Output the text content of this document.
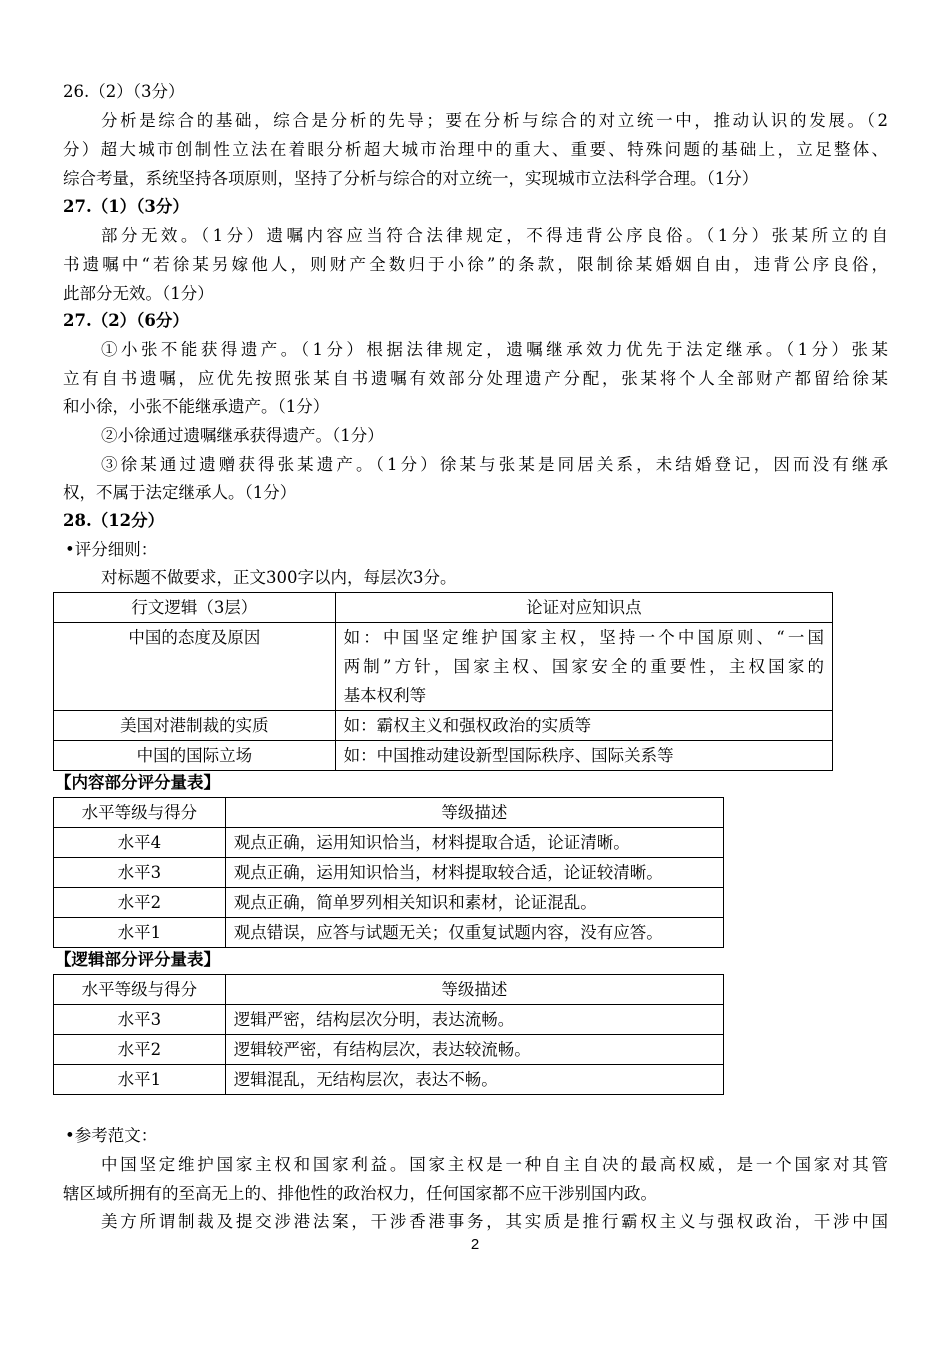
26.（2）（3分）
分析是综合的基础，综合是分析的先导；要在分析与综合的对立统一中，推动认识的发展。（2
分）超大城市创制性立法在着眼分析超大城市治理中的重大、重要、特殊问题的基础上，立足整体、
综合考量，系统坚持各项原则，坚持了分析与综合的对立统一，实现城市立法科学合理。（1分）
27.（1）（3分）
部分无效。（1分）遗嘱内容应当符合法律规定，不得违背公序良俗。（1分）张某所立的自
书遗嘱中“若徐某另嫁他人，则财产全数归于小徐”的条款，限制徐某婚姻自由，违背公序良俗，
此部分无效。（1分）
27.（2）（6分）
①小张不能获得遗产。（1分）根据法律规定，遗嘱继承效力优先于法定继承。（1分）张某
立有自书遗嘱，应优先按照张某自书遗嘱有效部分处理遗产分配，张某将个人全部财产都留给徐某
和小徐，小张不能继承遗产。（1分）
②小徐通过遗嘱继承获得遗产。（1分）
③徐某通过遗赠获得张某遗产。（1分）徐某与张某是同居关系，未结婚登记，因而没有继承
权，不属于法定继承人。（1分）
28.（12分）
•评分细则：
对标题不做要求，正文300字以内，每层次3分。
行文逻辑（3层）	论证对应知识点
中国的态度及原因	如：中国坚定维护国家主权，坚持一个中国原则、“一国
两制”方针，国家主权、国家安全的重要性，主权国家的
基本权利等

美国对港制裁的实质	如：霸权主义和强权政治的实质等
中国的国际立场	如：中国推动建设新型国际秩序、国际关系等
【内容部分评分量表】
水平等级与得分	等级描述
水平4	观点正确，运用知识恰当，材料提取合适，论证清晰。
水平3	观点正确，运用知识恰当，材料提取较合适，论证较清晰。
水平2	观点正确，简单罗列相关知识和素材，论证混乱。
水平1	观点错误，应答与试题无关；仅重复试题内容，没有应答。
【逻辑部分评分量表】
水平等级与得分	等级描述
水平3	逻辑严密，结构层次分明，表达流畅。
水平2	逻辑较严密，有结构层次，表达较流畅。
水平1	逻辑混乱，无结构层次，表达不畅。
•参考范文：
中国坚定维护国家主权和国家利益。国家主权是一种自主自决的最高权威，是一个国家对其管
辖区域所拥有的至高无上的、排他性的政治权力，任何国家都不应干涉别国内政。
美方所谓制裁及提交涉港法案，干涉香港事务，其实质是推行霸权主义与强权政治，干涉中国
2
